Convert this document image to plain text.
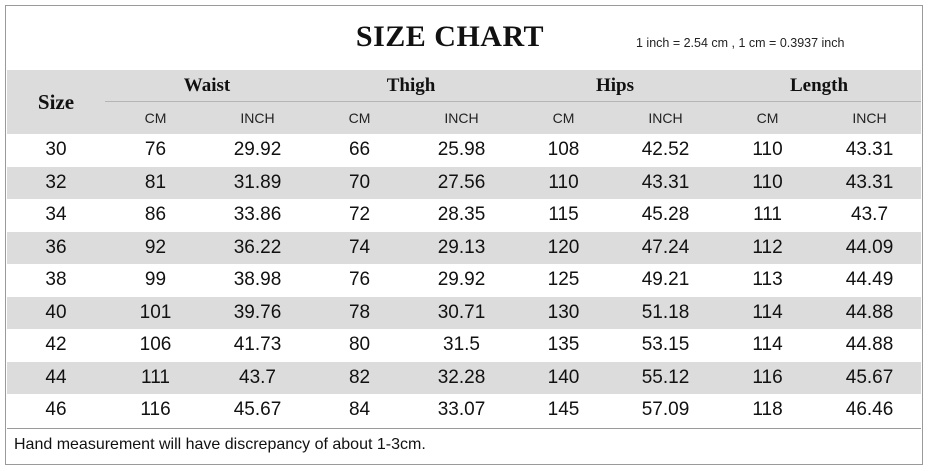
SIZE CHART	1 inch = 2.54 cm , 1 cm = 0.3937 inch
Size	Waist		Thigh		Hips		Length	

	CM	INCH	CM	INCH	CM	INCH	CM	INCH
30	76	29.92	66	25.98	108	42.52	110	43.31
32	81	31.89	70	27.56	110	43.31	110	43.31
34	86	33.86	72	28.35	115	45.28	111	43.7
36	92	36.22	74	29.13	120	47.24	112	44.09
38	99	38.98	76	29.92	125	49.21	113	44.49
40	101	39.76	78	30.71	130	51.18	114	44.88
42	106	41.73	80	31.5	135	53.15	114	44.88
44	111	43.7	82	32.28	140	55.12	116	45.67
46	116	45.67	84	33.07	145	57.09	118	46.46
Hand measurement will have discrepancy of about 1-3cm.
